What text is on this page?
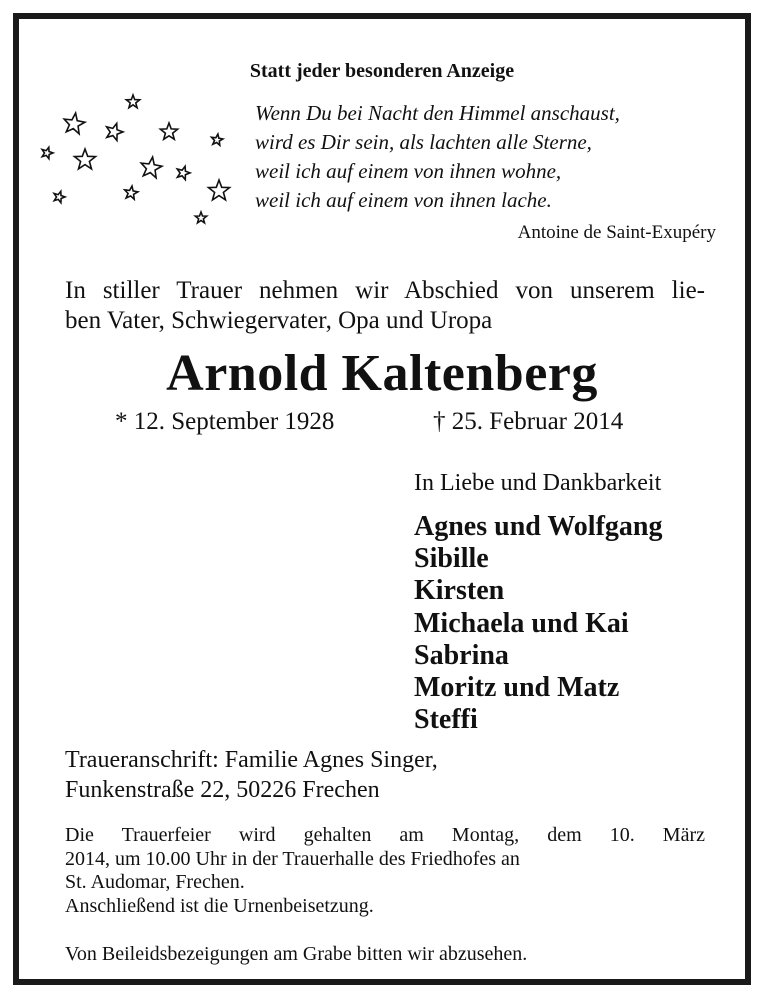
Statt jeder besonderen Anzeige
Wenn Du bei Nacht den Himmel anschaust,
wird es Dir sein, als lachten alle Sterne,
weil ich auf einem von ihnen wohne,
weil ich auf einem von ihnen lache.
Antoine de Saint-Exupéry
In stiller Trauer nehmen wir Abschied von unserem lie-
ben Vater, Schwiegervater, Opa und Uropa
Arnold Kaltenberg
* 12. September 1928	† 25. Februar 2014
In Liebe und Dankbarkeit
Agnes und Wolfgang
Sibille
Kirsten
Michaela und Kai
Sabrina
Moritz und Matz
Steffi
Traueranschrift: Familie Agnes Singer,
Funkenstraße 22, 50226 Frechen
Die Trauerfeier wird gehalten am Montag, dem 10. März
2014, um 10.00 Uhr in der Trauerhalle des Friedhofes an
St. Audomar, Frechen.
Anschließend ist die Urnenbeisetzung.
Von Beileidsbezeigungen am Grabe bitten wir abzusehen.
